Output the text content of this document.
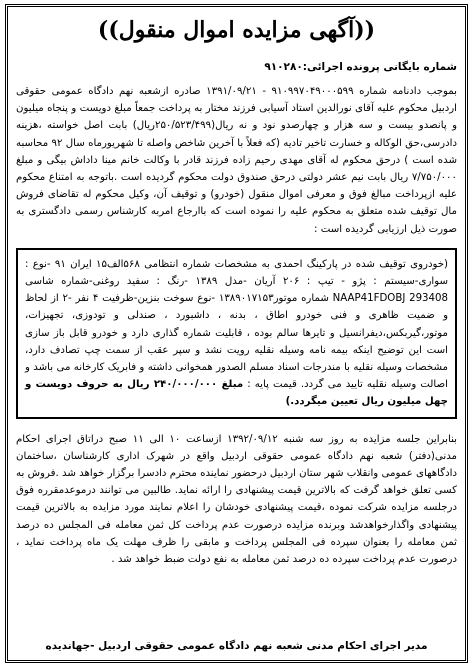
((آگهی مزایده اموال منقول))
شماره بایگانی پرونده اجرائی:۹۱۰۲۸۰

بموجب دادنامه شماره ۹۱۰۹۹۷۰۴۹۰۰۰۵۹۹ - ۱۳۹۱/۰۹/۲۱ صادره ازشعبه نهم دادگاه عمومی حقوقی اردبیل محکوم علیه آقای نورالدین استاد آسیابی فرزند مختار به پرداخت جمعاً مبلغ دویست و پنجاه میلیون و پانصدو بیست و سه هزار و چهارصدو نود و نه ریال(۲۵۰/۵۲۳/۴۹۹ریال) بابت اصل خواسته ،هزینه دادرسی،حق الوکاله و خسارت تاخیر تادیه (که فعلاً با آخرین شاخص واصله تا شهریورماه سال ۹۲ محاسبه شده است ) درحق محکوم له آقای مهدی رحیم زاده فرزند قادر با وکالت خانم مینا داداش بیگی و مبلغ ۷/۷۵۰/۰۰۰ ریال بابت نیم عشر دولتی درحق صندوق دولت محکوم گردیده است .باتوجه به امتناع محکوم علیه ازپرداخت مبالغ فوق و معرفی اموال منقول (خودرو) و توقیف آن، وکیل محکوم له تقاضای فروش مال توقیف شده متعلق به محکوم علیه را نموده است که باارجاع امربه کارشناس رسمی دادگستری به صورت ذیل ارزیابی گردیده است :

(خودروی توقیف شده در پارکینگ احمدی به مشخصات شماره انتظامی ۵۶۸الف۱۵ ایران ۹۱ -نوع : سواری-سیستم : پژو - تیپ : ۲۰۶ آریان -مدل ۱۳۸۹ -رنگ : سفید روغنی-شماره شاسی NAAP41FDOBJ 293408 شماره موتور۱۳۸۹۰۱۷۱۵۳ -نوع سوخت بنزین-ظرفیت ۴ نفر -۲ از لحاظ و ضمیت ظاهری و فنی خودرو اطاق ، بدنه ، داشبورد ، صندلی و تودوزی، تجهیزات، موتور،گیربکس،دیفرانسیل و تایرها سالم بوده ، قابلیت شماره گذاری دارد و خودرو قابل باز سازی است این توضیح اینکه بیمه نامه وسیله نقلیه رویت نشد و سپر عقب از سمت چپ تصادف دارد، مشخصات وسیله نقلیه با مندرجات اسناد مسلم الصدور همخوانی داشته و فابریک کارخانه می باشد و اصالت وسیله نقلیه تایید می گردد. قیمت پایه : مبلغ ۲۴۰/۰۰۰/۰۰۰ ریال به حروف دویست و چهل میلیون ریال تعیین میگردد.)

بنابراین جلسه مزایده به روز سه شنبه ۱۳۹۲/۰۹/۱۲ ازساعت ۱۰ الی ۱۱ صبح دراتاق اجرای احکام مدنی(دفتر) شعبه نهم دادگاه عمومی حقوقی اردبیل واقع در شهرک اداری کارشناسان ،ساختمان دادگاههای عمومی وانقلاب شهر ستان اردبیل درحضور نماینده محترم دادسرا برگزار خواهد شد .فروش به کسی تعلق خواهد گرفت که بالاترین قیمت پیشنهادی را ارائه نماید. طالبین می توانند درموعدمقرره فوق درجلسه مزایده شرکت نموده ،قیمت پیشنهادی خودشان را اعلام نمایند مورد مزایده به بالاترین قیمت پیشنهادی واگذارخواهدشد وبرنده مزایده درصورت عدم پرداخت کل ثمن معامله فی المجلس ده درصد ثمن معامله را بعنوان سپرده فی المجلس پرداخت و مابقی را ظرف مهلت یک ماه پرداخت نماید ، درصورت عدم پرداخت سپرده ده درصد ثمن معامله به نفع دولت ضبط خواهد شد .

مدیر اجرای احکام مدنی شعبه نهم دادگاه عمومی حقوقی اردبیل -جهاندیده
